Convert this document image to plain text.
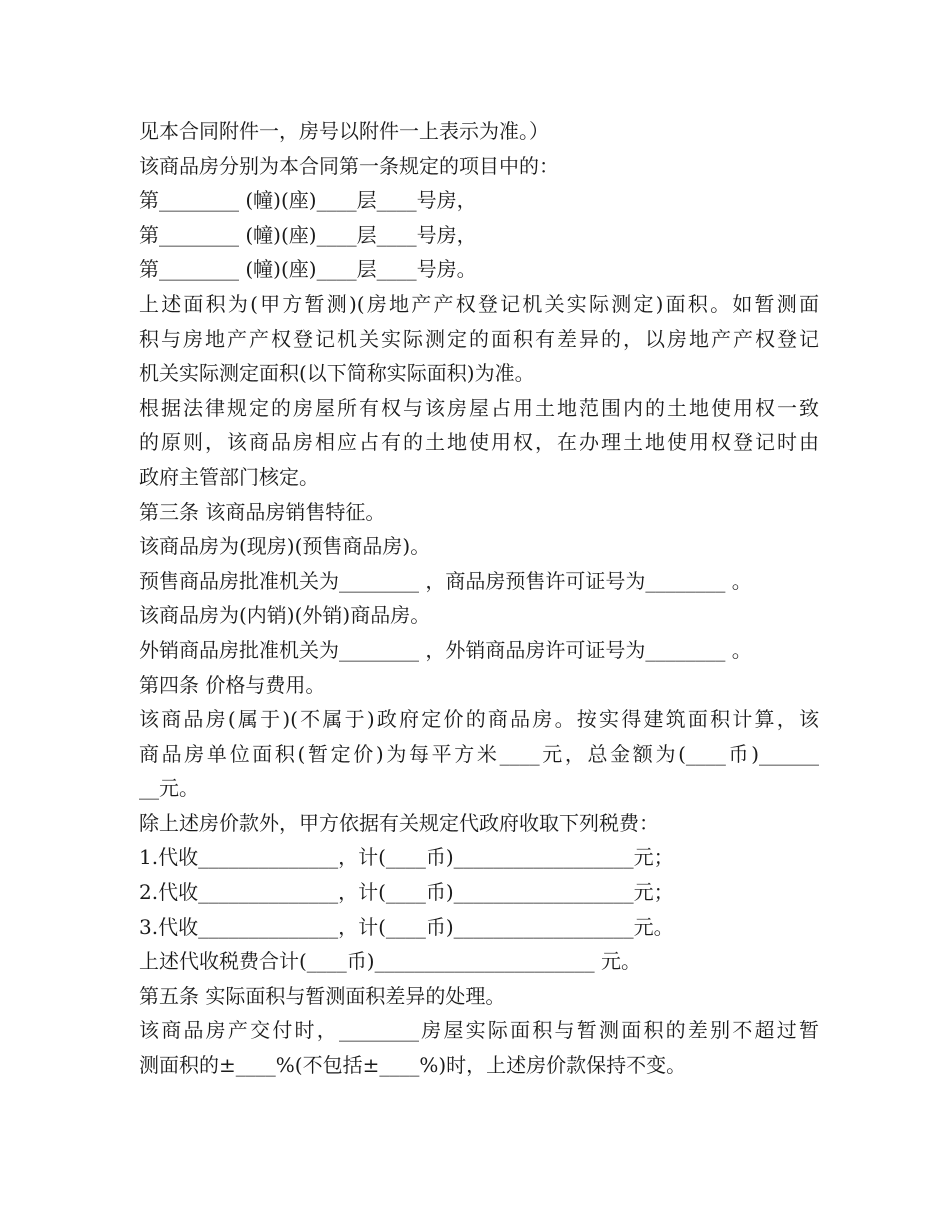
见本合同附件一，房号以附件一上表示为准。）
该商品房分别为本合同第一条规定的项目中的：
第________ (幢)(座)____层____号房，
第________ (幢)(座)____层____号房，
第________ (幢)(座)____层____号房。
上述面积为(甲方暂测)(房地产产权登记机关实际测定)面积。如暂测面
积与房地产产权登记机关实际测定的面积有差异的，以房地产产权登记
机关实际测定面积(以下简称实际面积)为准。
根据法律规定的房屋所有权与该房屋占用土地范围内的土地使用权一致
的原则，该商品房相应占有的土地使用权，在办理土地使用权登记时由
政府主管部门核定。
第三条 该商品房销售特征。
该商品房为(现房)(预售商品房)。
预售商品房批准机关为________ ，商品房预售许可证号为________ 。
该商品房为(内销)(外销)商品房。
外销商品房批准机关为________ ，外销商品房许可证号为________ 。
第四条 价格与费用。
该商品房(属于)(不属于)政府定价的商品房。按实得建筑面积计算，该
商品房单位面积(暂定价)为每平方米____元，总金额为(____币)______
__元。
除上述房价款外，甲方依据有关规定代政府收取下列税费：
1.代收______________，计(____币)__________________元；
2.代收______________，计(____币)__________________元；
3.代收______________，计(____币)__________________元。
上述代收税费合计(____币)______________________ 元。
第五条 实际面积与暂测面积差异的处理。
该商品房产交付时，________房屋实际面积与暂测面积的差别不超过暂
测面积的±____%(不包括±____%)时，上述房价款保持不变。
